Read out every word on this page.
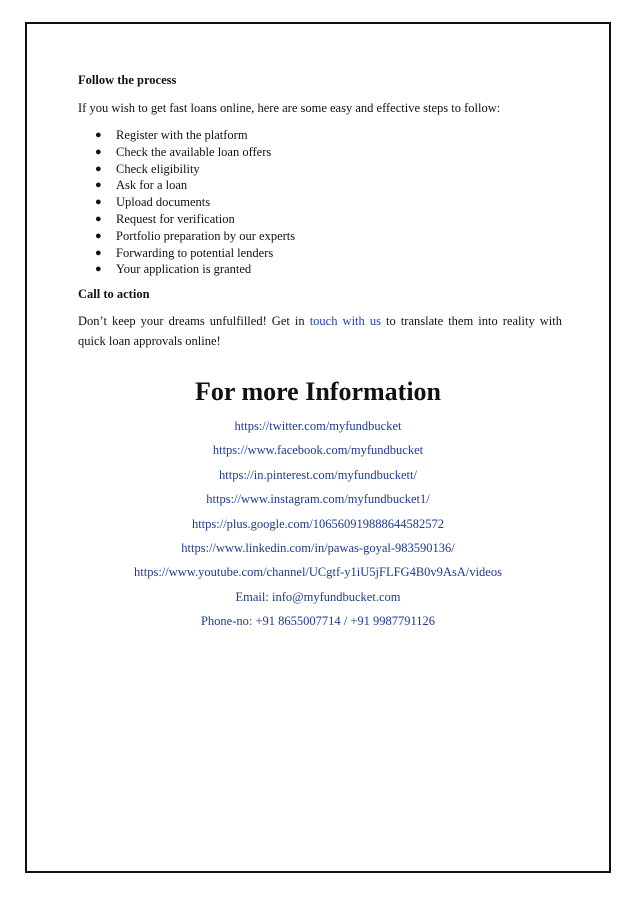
Follow the process

If you wish to get fast loans online, here are some easy and effective steps to follow:

● Register with the platform
● Check the available loan offers
● Check eligibility
● Ask for a loan
● Upload documents
● Request for verification
● Portfolio preparation by our experts
● Forwarding to potential lenders
● Your application is granted

Call to action

Don’t keep your dreams unfulfilled! Get in touch with us to translate them into reality with quick loan approvals online!

For more Information
https://twitter.com/myfundbucket
https://www.facebook.com/myfundbucket
https://in.pinterest.com/myfundbuckett/
https://www.instagram.com/myfundbucket1/
https://plus.google.com/106560919888644582572
https://www.linkedin.com/in/pawas-goyal-983590136/
https://www.youtube.com/channel/UCgtf-y1iU5jFLFG4B0v9AsA/videos
Email: info@myfundbucket.com
Phone-no: +91 8655007714 / +91 9987791126
